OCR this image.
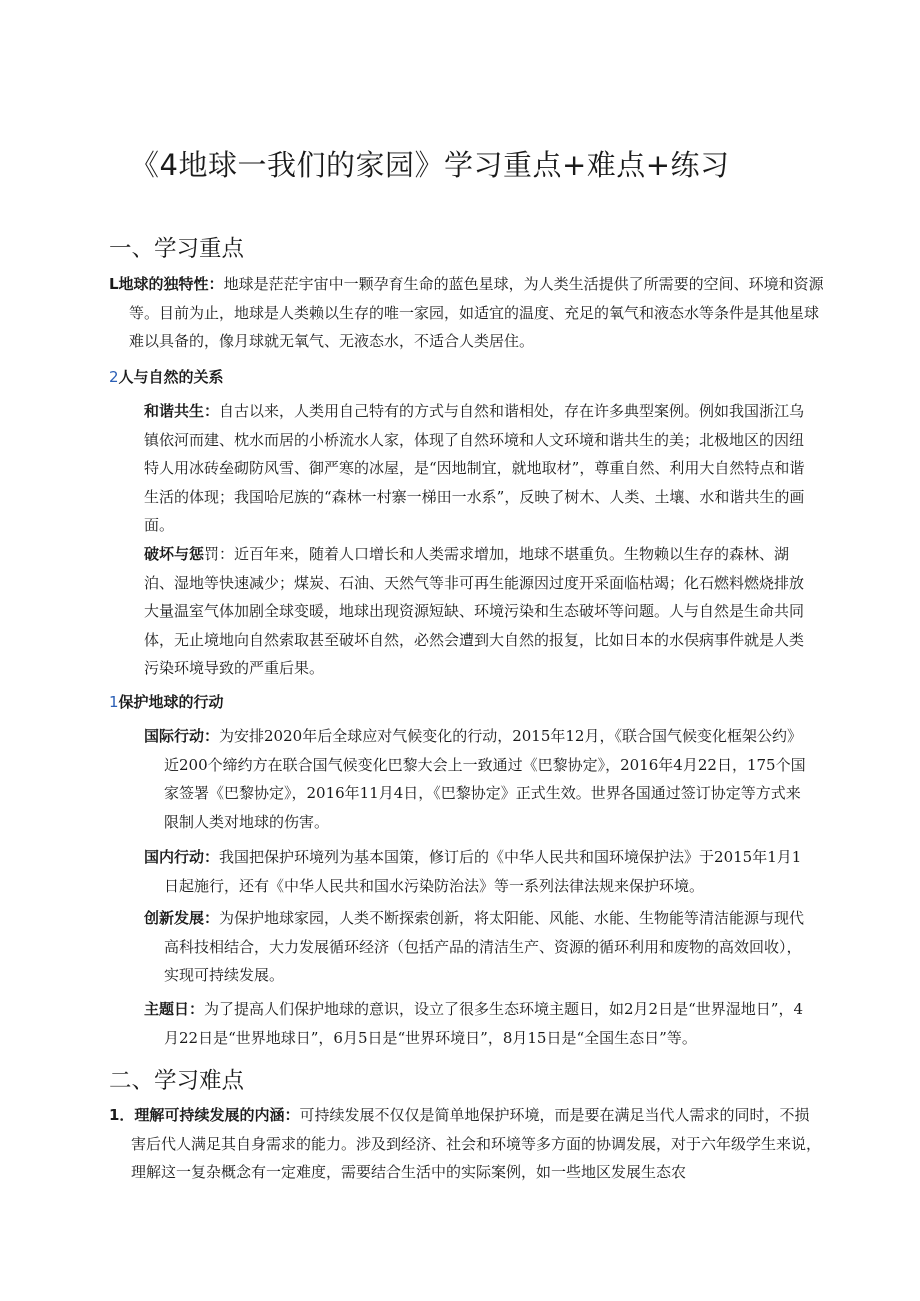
《4地球一我们的家园》学习重点+难点+练习
一、学习重点
L地球的独特性：地球是茫茫宇宙中一颗孕育生命的蓝色星球，为人类生活提供了所需要的空间、环境和资源等。目前为止，地球是人类赖以生存的唯一家园，如适宜的温度、充足的氧气和液态水等条件是其他星球难以具备的，像月球就无氧气、无液态水，不适合人类居住。
2人与自然的关系
和谐共生：自古以来，人类用自己特有的方式与自然和谐相处，存在许多典型案例。例如我国浙江乌镇依河而建、枕水而居的小桥流水人家，体现了自然环境和人文环境和谐共生的美；北极地区的因纽特人用冰砖垒砌防风雪、御严寒的冰屋，是“因地制宜，就地取材”，尊重自然、利用大自然特点和谐生活的体现；我国哈尼族的“森林一村寨一梯田一水系”，反映了树木、人类、土壤、水和谐共生的画面。
破坏与惩罚：近百年来，随着人口增长和人类需求增加，地球不堪重负。生物赖以生存的森林、湖泊、湿地等快速减少；煤炭、石油、天然气等非可再生能源因过度开采面临枯竭；化石燃料燃烧排放大量温室气体加剧全球变暖，地球出现资源短缺、环境污染和生态破坏等问题。人与自然是生命共同体，无止境地向自然索取甚至破坏自然，必然会遭到大自然的报复，比如日本的水俣病事件就是人类污染环境导致的严重后果。
1保护地球的行动
国际行动：为安排2020年后全球应对气候变化的行动，2015年12月，《联合国气候变化框架公约》近200个缔约方在联合国气候变化巴黎大会上一致通过《巴黎协定》，2016年4月22日，175个国家签署《巴黎协定》，2016年11月4日，《巴黎协定》正式生效。世界各国通过签订协定等方式来限制人类对地球的伤害。
国内行动：我国把保护环境列为基本国策，修订后的《中华人民共和国环境保护法》于2015年1月1日起施行，还有《中华人民共和国水污染防治法》等一系列法律法规来保护环境。
创新发展：为保护地球家园，人类不断探索创新，将太阳能、风能、水能、生物能等清洁能源与现代高科技相结合，大力发展循环经济（包括产品的清洁生产、资源的循环利用和废物的高效回收），实现可持续发展。
主题日：为了提高人们保护地球的意识，设立了很多生态环境主题日，如2月2日是“世界湿地日”，4月22日是“世界地球日”，6月5日是“世界环境日”，8月15日是“全国生态日”等。
二、学习难点
1．理解可持续发展的内涵：可持续发展不仅仅是简单地保护环境，而是要在满足当代人需求的同时，不损害后代人满足其自身需求的能力。涉及到经济、社会和环境等多方面的协调发展，对于六年级学生来说，理解这一复杂概念有一定难度，需要结合生活中的实际案例，如一些地区发展生态农
